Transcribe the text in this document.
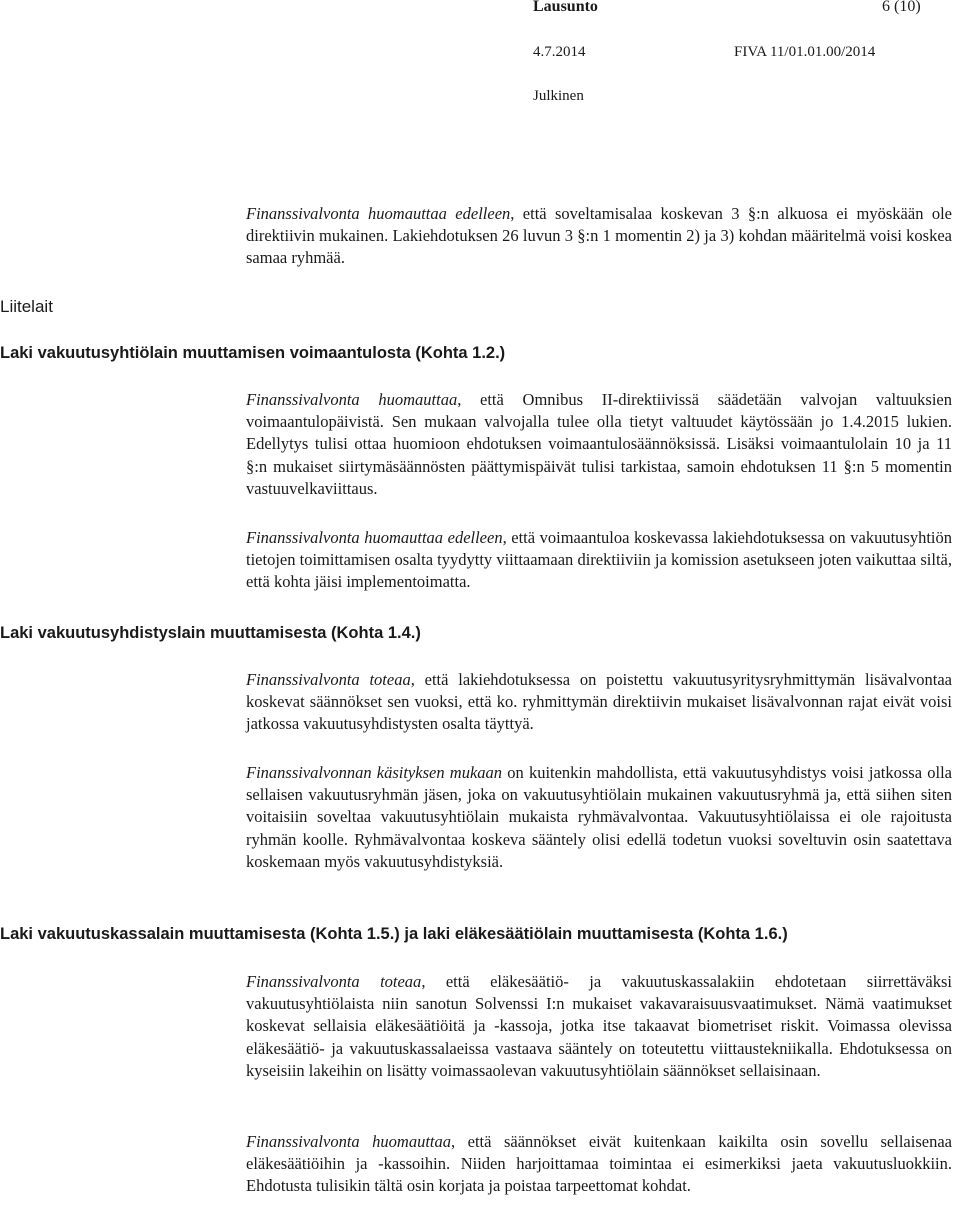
Lausunto	6 (10)
4.7.2014	FIVA 11/01.01.00/2014
Julkinen
Finanssivalvonta huomauttaa edelleen, että soveltamisalaa koskevan 3 §:n alkuosa ei myöskään ole direktiivin mukainen. Lakiehdotuksen 26 luvun 3 §:n 1 momentin 2) ja 3) kohdan määritelmä voisi koskea samaa ryhmää.
Liitelait
Laki vakuutusyhtiölain muuttamisen voimaantulosta (Kohta 1.2.)
Finanssivalvonta huomauttaa, että Omnibus II-direktiivissä säädetään valvojan valtuuksien voimaantulopäivistä. Sen mukaan valvojalla tulee olla tietyt valtuudet käytössään jo 1.4.2015 lukien. Edellytys tulisi ottaa huomioon ehdotuksen voimaantulosäännöksissä. Lisäksi voimaantulolain 10 ja 11 §:n mukaiset siirtymäsäännösten päättymispäivät tulisi tarkistaa, samoin ehdotuksen 11 §:n 5 momentin vastuuvelkaviittaus.
Finanssivalvonta huomauttaa edelleen, että voimaantuloa koskevassa lakiehdotuksessa on vakuutusyhtiön tietojen toimittamisen osalta tyydytty viittaamaan direktiiviin ja komission asetukseen joten vaikuttaa siltä, että kohta jäisi implementoimatta.
Laki vakuutusyhdistyslain muuttamisesta (Kohta 1.4.)
Finanssivalvonta toteaa, että lakiehdotuksessa on poistettu vakuutusyritysryhmittymän lisävalvontaa koskevat säännökset sen vuoksi, että ko. ryhmittymän direktiivin mukaiset lisävalvonnan rajat eivät voisi jatkossa vakuutusyhdistysten osalta täyttyä.
Finanssivalvonnan käsityksen mukaan on kuitenkin mahdollista, että vakuutusyhdistys voisi jatkossa olla sellaisen vakuutusryhmän jäsen, joka on vakuutusyhtiölain mukainen vakuutusryhmä ja, että siihen siten voitaisiin soveltaa vakuutusyhtiölain mukaista ryhmävalvontaa. Vakuutusyhtiölaissa ei ole rajoitusta ryhmän koolle. Ryhmävalvontaa koskeva sääntely olisi edellä todetun vuoksi soveltuvin osin saatettava koskemaan myös vakuutusyhdistyksiä.
Laki vakuutuskassalain muuttamisesta (Kohta 1.5.) ja laki eläkesäätiölain muuttamisesta (Kohta 1.6.)
Finanssivalvonta toteaa, että eläkesäätiö- ja vakuutuskassalakiin ehdotetaan siirrettäväksi vakuutusyhtiölaista niin sanotun Solvenssi I:n mukaiset vakavaraisuusvaatimukset. Nämä vaatimukset koskevat sellaisia eläkesäätiöitä ja -kassoja, jotka itse takaavat biometriset riskit. Voimassa olevissa eläkesäätiö- ja vakuutuskassalaeissa vastaava sääntely on toteutettu viittaustekniikalla. Ehdotuksessa on kyseisiin lakeihin on lisätty voimassaolevan vakuutusyhtiölain säännökset sellaisinaan.
Finanssivalvonta huomauttaa, että säännökset eivät kuitenkaan kaikilta osin sovellu sellaisenaa eläkesäätiöihin ja -kassoihin. Niiden harjoittamaa toimintaa ei esimerkiksi jaeta vakuutusluokkiin. Ehdotusta tulisikin tältä osin korjata ja poistaa tarpeettomat kohdat.
